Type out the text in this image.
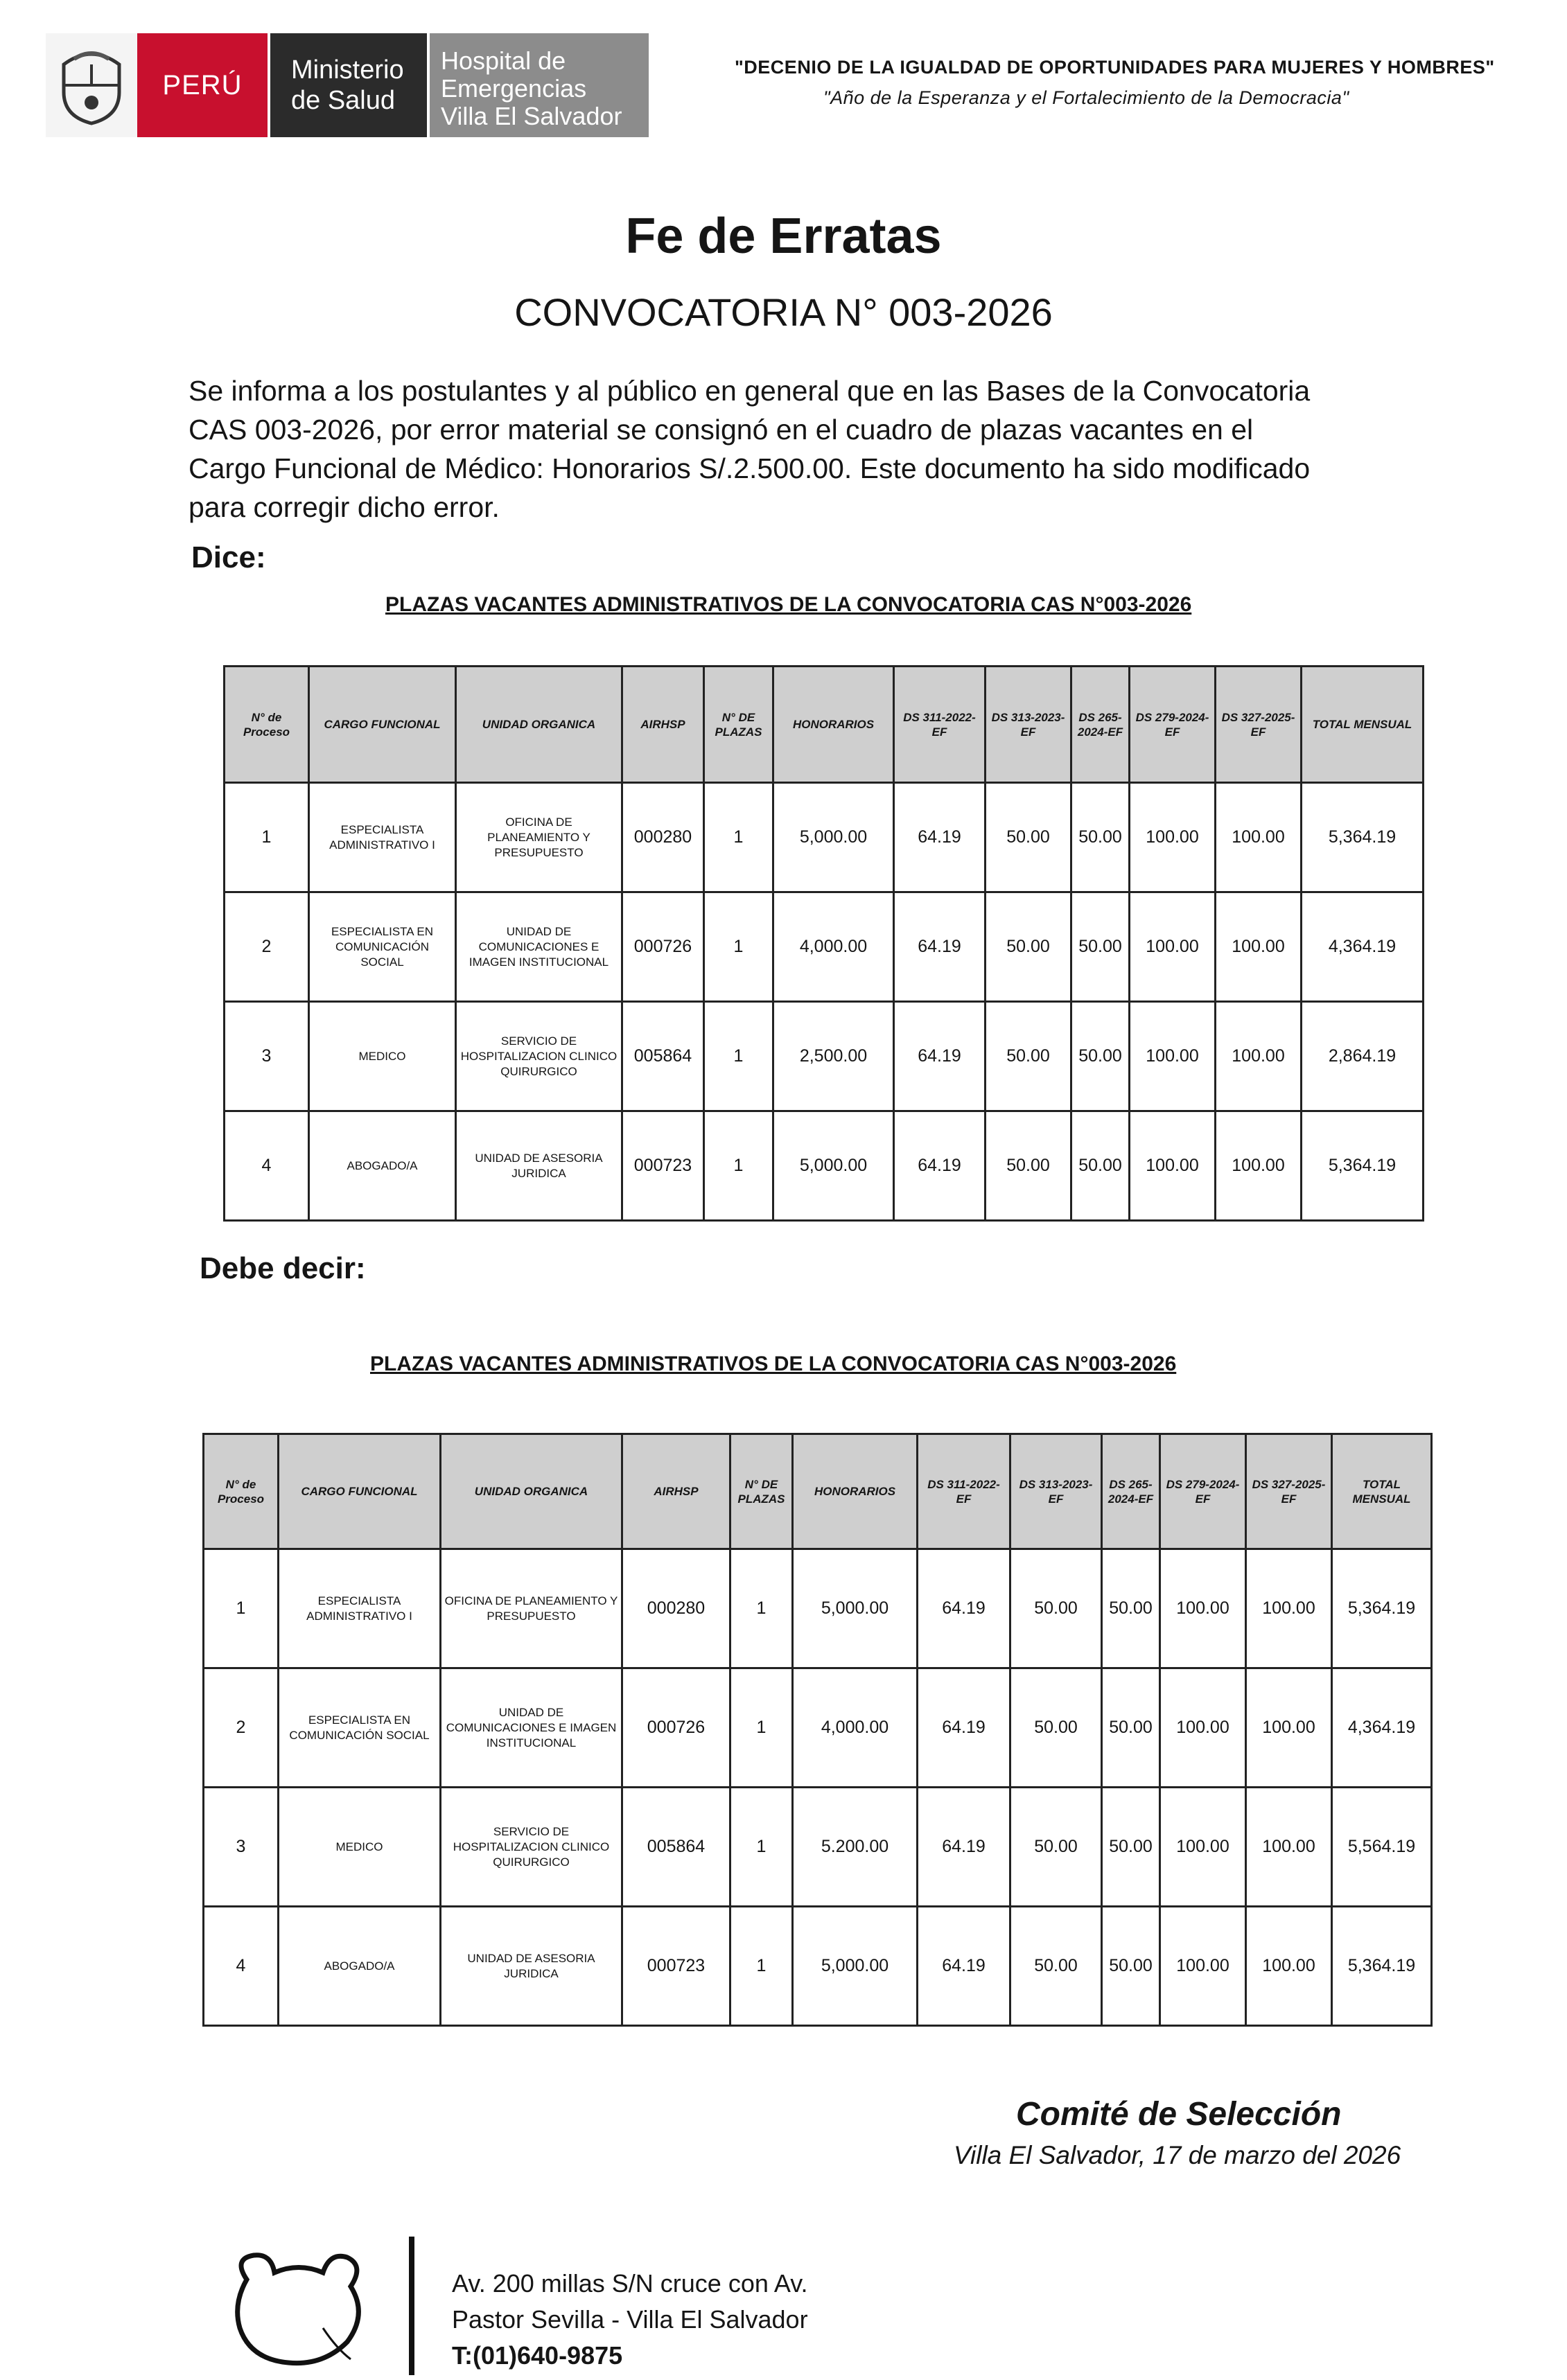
PERÚ	Ministerio
de Salud
Hospital de Emergencias
Villa El Salvador
"DECENIO DE LA IGUALDAD DE OPORTUNIDADES PARA MUJERES Y HOMBRES"
"Año de la Esperanza y el Fortalecimiento de la Democracia"
Fe de Erratas
CONVOCATORIA N° 003-2026
Se informa a los postulantes y al público en general que en las Bases de la Convocatoria
CAS 003-2026, por error material se consignó en el cuadro de plazas vacantes en el
Cargo Funcional de Médico: Honorarios S/.2.500.00. Este documento ha sido modificado
para corregir dicho error.
Dice:
PLAZAS VACANTES ADMINISTRATIVOS DE LA CONVOCATORIA CAS N°003-2026
N° de Proceso	CARGO FUNCIONAL	UNIDAD ORGANICA	AIRHSP	N° DE PLAZAS	HONORARIOS	DS 311-2022-EF	DS 313-2023-EF	DS 265-2024-EF	DS 279-2024-EF	DS 327-2025-EF	TOTAL MENSUAL
1	ESPECIALISTA ADMINISTRATIVO I	OFICINA DE PLANEAMIENTO Y PRESUPUESTO	000280	1	5,000.00	64.19	50.00	50.00	100.00	100.00	5,364.19
2	ESPECIALISTA EN COMUNICACIÓN SOCIAL	UNIDAD DE COMUNICACIONES E IMAGEN INSTITUCIONAL	000726	1	4,000.00	64.19	50.00	50.00	100.00	100.00	4,364.19
3	MEDICO	SERVICIO DE HOSPITALIZACION CLINICO QUIRURGICO	005864	1	2,500.00	64.19	50.00	50.00	100.00	100.00	2,864.19
4	ABOGADO/A	UNIDAD DE ASESORIA JURIDICA	000723	1	5,000.00	64.19	50.00	50.00	100.00	100.00	5,364.19
Debe decir:
PLAZAS VACANTES ADMINISTRATIVOS DE LA CONVOCATORIA CAS N°003-2026
N° de Proceso	CARGO FUNCIONAL	UNIDAD ORGANICA	AIRHSP	N° DE PLAZAS	HONORARIOS	DS 311-2022-EF	DS 313-2023-EF	DS 265-2024-EF	DS 279-2024-EF	DS 327-2025-EF	TOTAL MENSUAL
1	ESPECIALISTA ADMINISTRATIVO I	OFICINA DE PLANEAMIENTO Y PRESUPUESTO	000280	1	5,000.00	64.19	50.00	50.00	100.00	100.00	5,364.19
2	ESPECIALISTA EN COMUNICACIÓN SOCIAL	UNIDAD DE COMUNICACIONES E IMAGEN INSTITUCIONAL	000726	1	4,000.00	64.19	50.00	50.00	100.00	100.00	4,364.19
3	MEDICO	SERVICIO DE HOSPITALIZACION CLINICO QUIRURGICO	005864	1	5.200.00	64.19	50.00	50.00	100.00	100.00	5,564.19
4	ABOGADO/A	UNIDAD DE ASESORIA JURIDICA	000723	1	5,000.00	64.19	50.00	50.00	100.00	100.00	5,364.19
Comité de Selección
Villa El Salvador, 17 de marzo del 2026
Av. 200 millas S/N cruce con Av.
Pastor Sevilla - Villa El Salvador
T:(01)640-9875
